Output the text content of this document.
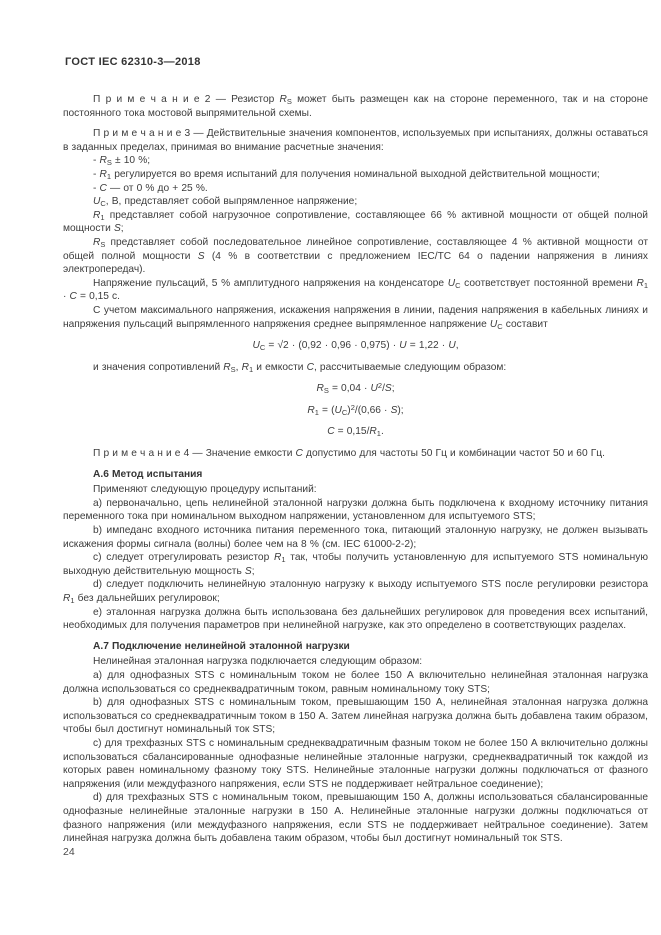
ГОСТ IEC 62310-3—2018

П р и м е ч а н и е 2 — Резистор $R_S$ может быть размещен как на стороне переменного, так и на стороне постоянного тока мостовой выпрямительной схемы.

П р и м е ч а н и е 3 — Действительные значения компонентов, используемых при испытаниях, должны оставаться в заданных пределах, принимая во внимание расчетные значения:

- $R_S \pm 10$ %;

- $R_1$ регулируется во время испытаний для получения номинальной выходной действительной мощности;

- C — от 0 % до + 25 %.

$U_C$, В, представляет собой выпрямленное напряжение;

$R_1$ представляет собой нагрузочное сопротивление, составляющее 66 % активной мощности от общей полной мощности S;

$R_S$ представляет собой последовательное линейное сопротивление, составляющее 4 % активной мощности от общей полной мощности S (4 % в соответствии с предложением IEC/TC 64 о падении напряжения в линиях электропередач).

Напряжение пульсаций, 5 % амплитудного напряжения на конденсаторе $U_C$ соответствует постоянной времени $R_1 \cdot C = 0,15$ с.

С учетом максимального напряжения, искажения напряжения в линии, падения напряжения в кабельных линиях и напряжения пульсаций выпрямленного напряжения среднее выпрямленное напряжение $U_C$ составит

$U_C = √2 \cdot (0,92 \cdot 0,96 \cdot 0,975) \cdot U = 1,22 \cdot U$,

и значения сопротивлений $R_S$, $R_1$ и емкости C, рассчитываемые следующим образом:

$R_S = 0,04 \cdot U^2/S$;

$R_1 = (U_C)^2/(0,66 \cdot S)$;

$C = 0,15/R_1$.

П р и м е ч а н и е 4 — Значение емкости C допустимо для частоты 50 Гц и комбинации частот 50 и 60 Гц.

А.6 Метод испытания

Применяют следующую процедуру испытаний:

a) первоначально, цепь нелинейной эталонной нагрузки должна быть подключена к входному источнику питания переменного тока при номинальном выходном напряжении, установленном для испытуемого STS;

b) импеданс входного источника питания переменного тока, питающий эталонную нагрузку, не должен вызывать искажения формы сигнала (волны) более чем на 8 % (см. IEC 61000-2-2);

c) следует отрегулировать резистор $R_1$ так, чтобы получить установленную для испытуемого STS номинальную выходную действительную мощность S;

d) следует подключить нелинейную эталонную нагрузку к выходу испытуемого STS после регулировки резистора $R_1$ без дальнейших регулировок;

e) эталонная нагрузка должна быть использована без дальнейших регулировок для проведения всех испытаний, необходимых для получения параметров при нелинейной нагрузке, как это определено в соответствующих разделах.

А.7 Подключение нелинейной эталонной нагрузки

Нелинейная эталонная нагрузка подключается следующим образом:

a) для однофазных STS с номинальным током не более 150 А включительно нелинейная эталонная нагрузка должна использоваться со среднеквадратичным током, равным номинальному току STS;

b) для однофазных STS с номинальным током, превышающим 150 А, нелинейная эталонная нагрузка должна использоваться со среднеквадратичным током в 150 А. Затем линейная нагрузка должна быть добавлена таким образом, чтобы был достигнут номинальный ток STS;

c) для трехфазных STS с номинальным среднеквадратичным фазным током не более 150 А включительно должны использоваться сбалансированные однофазные нелинейные эталонные нагрузки, среднеквадратичный ток каждой из которых равен номинальному фазному току STS. Нелинейные эталонные нагрузки должны подключаться от фазного напряжения (или междуфазного напряжения, если STS не поддерживает нейтральное соединение);

d) для трехфазных STS с номинальным током, превышающим 150 А, должны использоваться сбалансированные однофазные нелинейные эталонные нагрузки в 150 А. Нелинейные эталонные нагрузки должны подключаться от фазного напряжения (или междуфазного напряжения, если STS не поддерживает нейтральное соединение). Затем линейная нагрузка должна быть добавлена таким образом, чтобы был достигнут номинальный ток STS.

24
